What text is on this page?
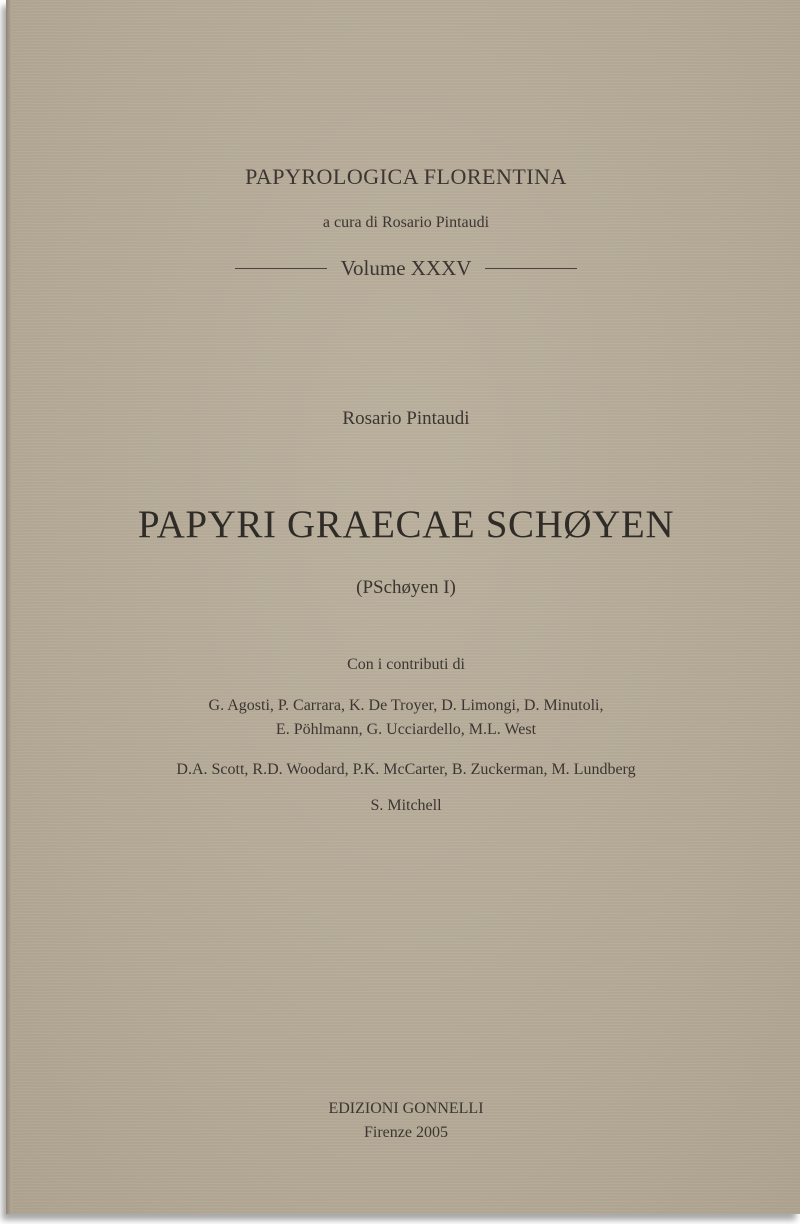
PAPYROLOGICA FLORENTINA
a cura di Rosario Pintaudi
Volume XXXV
Rosario Pintaudi
PAPYRI GRAECAE SCHØYEN
(PSchøyen I)
Con i contributi di
G. Agosti, P. Carrara, K. De Troyer, D. Limongi, D. Minutoli,
E. Pöhlmann, G. Ucciardello, M.L. West
D.A. Scott, R.D. Woodard, P.K. McCarter, B. Zuckerman, M. Lundberg
S. Mitchell
EDIZIONI GONNELLI
Firenze 2005
